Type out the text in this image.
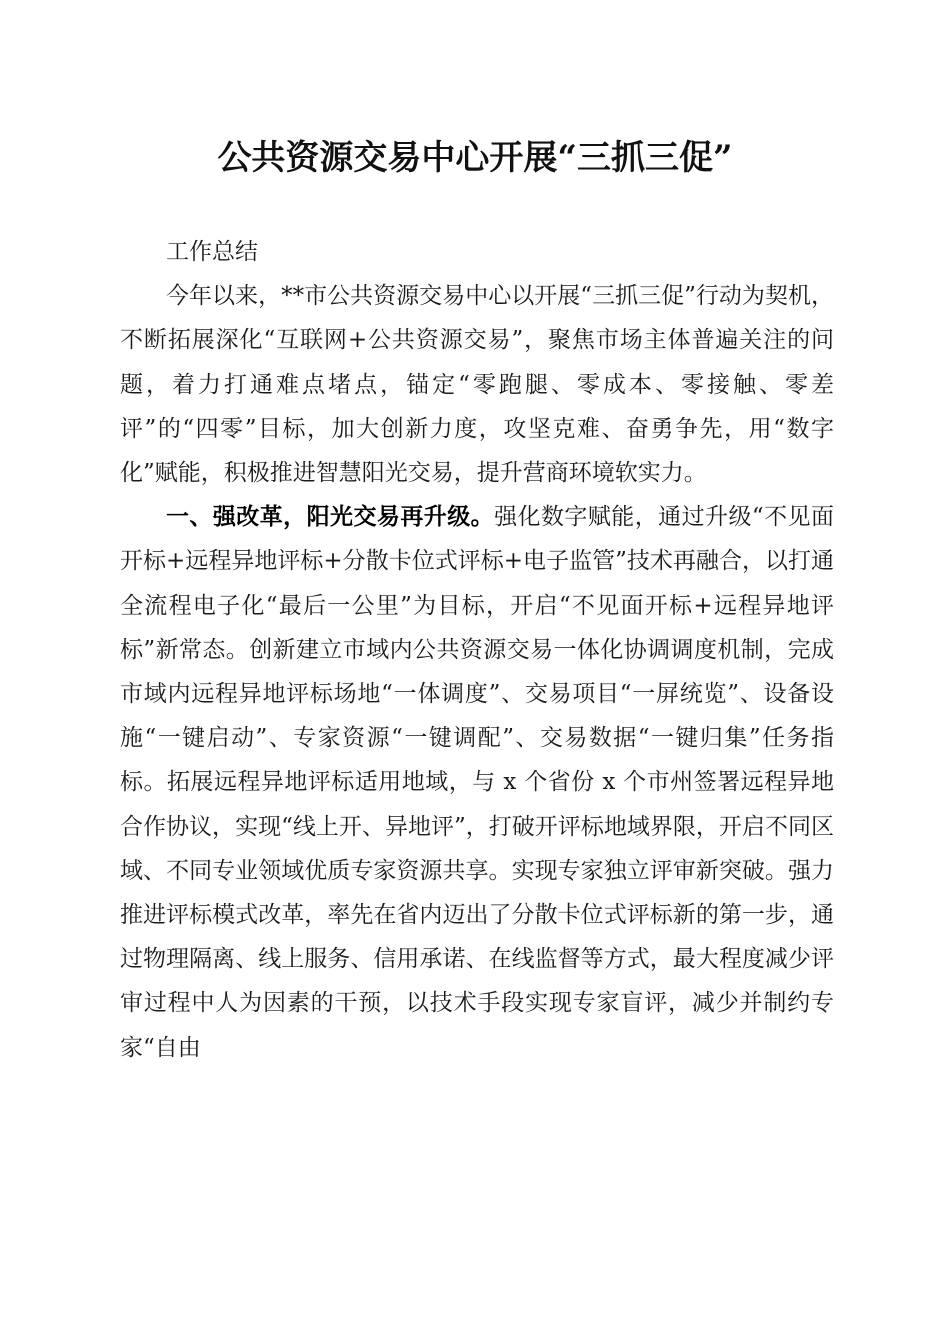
公共资源交易中心开展“三抓三促”

工作总结

今年以来，**市公共资源交易中心以开展“三抓三促”行动为契机，不断拓展深化“互联网+公共资源交易”，聚焦市场主体普遍关注的问题，着力打通难点堵点，锚定“零跑腿、零成本、零接触、零差评”的“四零”目标，加大创新力度，攻坚克难、奋勇争先，用“数字化”赋能，积极推进智慧阳光交易，提升营商环境软实力。

一、强改革，阳光交易再升级。强化数字赋能，通过升级“不见面开标+远程异地评标+分散卡位式评标+电子监管”技术再融合，以打通全流程电子化“最后一公里”为目标，开启“不见面开标+远程异地评标”新常态。创新建立市域内公共资源交易一体化协调调度机制，完成市域内远程异地评标场地“一体调度”、交易项目“一屏统览”、设备设施“一键启动”、专家资源“一键调配”、交易数据“一键归集”任务指标。拓展远程异地评标适用地域，与 x 个省份 x 个市州签署远程异地合作协议，实现“线上开、异地评”，打破开评标地域界限，开启不同区域、不同专业领域优质专家资源共享。实现专家独立评审新突破。强力推进评标模式改革，率先在省内迈出了分散卡位式评标新的第一步，通过物理隔离、线上服务、信用承诺、在线监督等方式，最大程度减少评审过程中人为因素的干预，以技术手段实现专家盲评，减少并制约专家“自由
